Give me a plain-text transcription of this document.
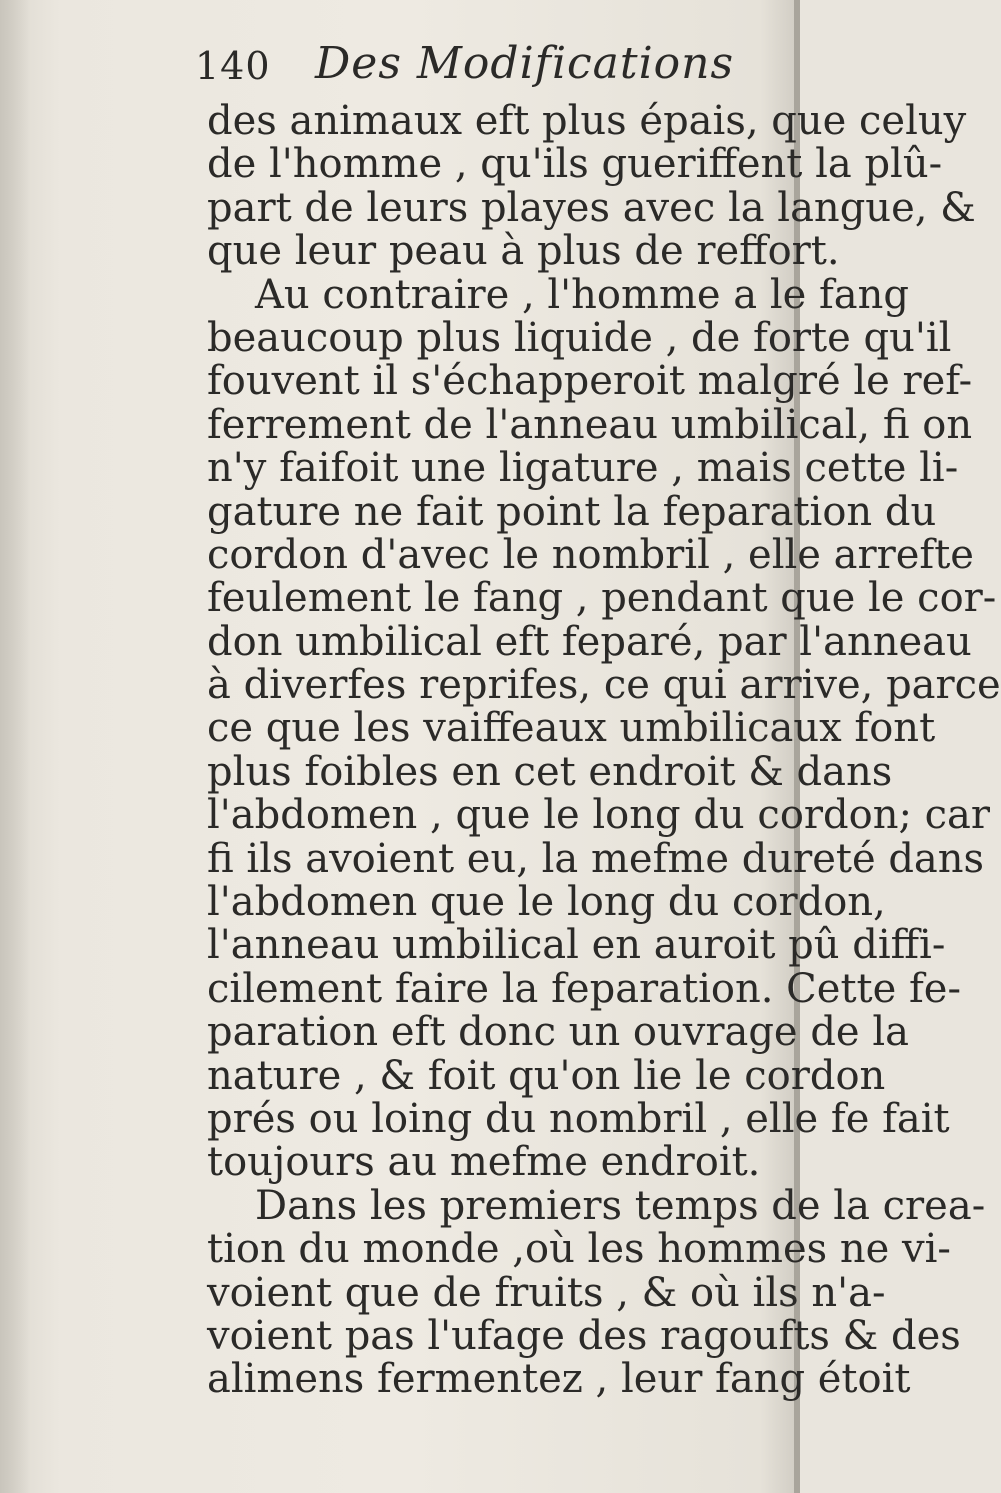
140 Des Modifications
des animaux eft plus épais, que celuy
de l'homme , qu'ils gueriffent la plû-
part de leurs playes avec la langue, &
que leur peau à plus de reffort.
Au contraire , l'homme a le fang
beaucoup plus liquide , de forte qu'il
fouvent il s'échapperoit malgré le ref-
ferrement de l'anneau umbilical, fi on
n'y faifoit une ligature , mais cette li-
gature ne fait point la feparation du
cordon d'avec le nombril , elle arrefte
feulement le fang , pendant que le cor-
don umbilical eft feparé, par l'anneau
à diverfes reprifes, ce qui arrive, parce
ce que les vaiffeaux umbilicaux font
plus foibles en cet endroit & dans
l'abdomen , que le long du cordon; car
fi ils avoient eu, la mefme dureté dans
l'abdomen que le long du cordon,
l'anneau umbilical en auroit pû diffi-
cilement faire la feparation. Cette fe-
paration eft donc un ouvrage de la
nature , & foit qu'on lie le cordon
prés ou loing du nombril , elle fe fait
toujours au mefme endroit.
Dans les premiers temps de la crea-
tion du monde ,où les hommes ne vi-
voient que de fruits , & où ils n'a-
voient pas l'ufage des ragoufts & des
alimens fermentez , leur fang étoit
